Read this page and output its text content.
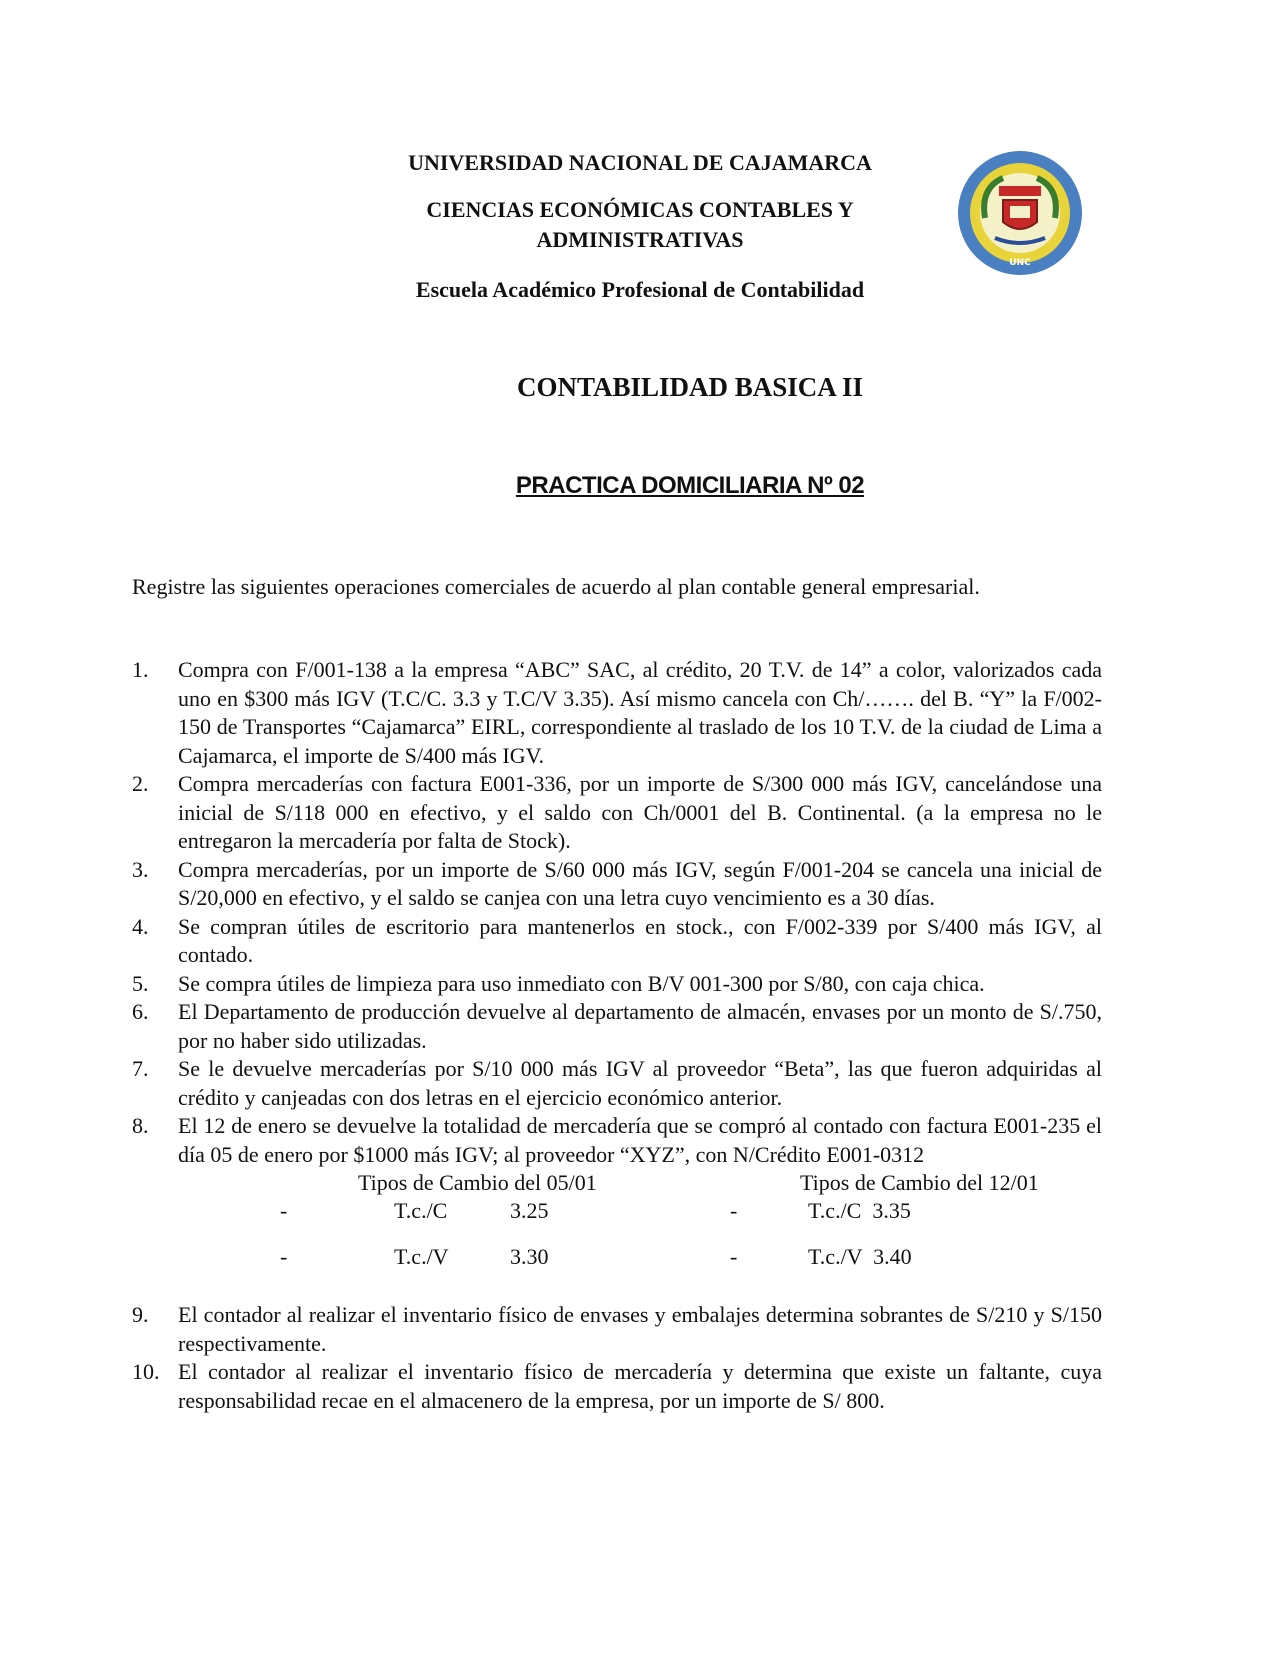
UNIVERSIDAD NACIONAL DE CAJAMARCA
CIENCIAS ECONÓMICAS CONTABLES Y ADMINISTRATIVAS
Escuela Académico Profesional de Contabilidad
UNC
CONTABILIDAD BASICA II
PRACTICA DOMICILIARIA Nº 02
Registre las siguientes operaciones comerciales de acuerdo al plan contable general empresarial.
1.	Compra con F/001-138 a la empresa “ABC” SAC, al crédito, 20 T.V. de 14” a color, valorizados cada uno en $300 más IGV (T.C/C. 3.3 y T.C/V 3.35). Así mismo cancela con Ch/……. del B. “Y” la F/002-150 de Transportes “Cajamarca” EIRL, correspondiente al traslado de los 10 T.V. de la ciudad de Lima a Cajamarca, el importe de S/400 más IGV.
2.	Compra mercaderías con factura E001-336, por un importe de S/300 000 más IGV, cancelándose una inicial de S/118 000 en efectivo, y el saldo con Ch/0001 del B. Continental. (a la empresa no le entregaron la mercadería por falta de Stock).
3.	Compra mercaderías, por un importe de S/60 000 más IGV, según F/001-204 se cancela una inicial de S/20,000 en efectivo, y el saldo se canjea con una letra cuyo vencimiento es a 30 días.
4.	Se compran útiles de escritorio para mantenerlos en stock., con F/002-339 por S/400 más IGV, al contado.
5.	Se compra útiles de limpieza para uso inmediato con B/V 001-300 por S/80, con caja chica.
6.	El Departamento de producción devuelve al departamento de almacén, envases por un monto de S/.750, por no haber sido utilizadas.
7.	Se le devuelve mercaderías por S/10 000 más IGV al proveedor “Beta”, las que fueron adquiridas al crédito y canjeadas con dos letras en el ejercicio económico anterior.
8.	El 12 de enero se devuelve la totalidad de mercadería que se compró al contado con factura E001-235 el día 05 de enero por $1000 más IGV; al proveedor “XYZ”, con N/Crédito E001-0312
Tipos de Cambio del 05/01	Tipos de Cambio del 12/01
-	T.c./C	3.25	-	T.c./C  3.35
-	T.c./V	3.30	-	T.c./V  3.40
9.	El contador al realizar el inventario físico de envases y embalajes determina sobrantes de S/210 y S/150 respectivamente.
10. El contador al realizar el inventario físico de mercadería y determina que existe un faltante, cuya responsabilidad recae en el almacenero de la empresa, por un importe de S/ 800.
